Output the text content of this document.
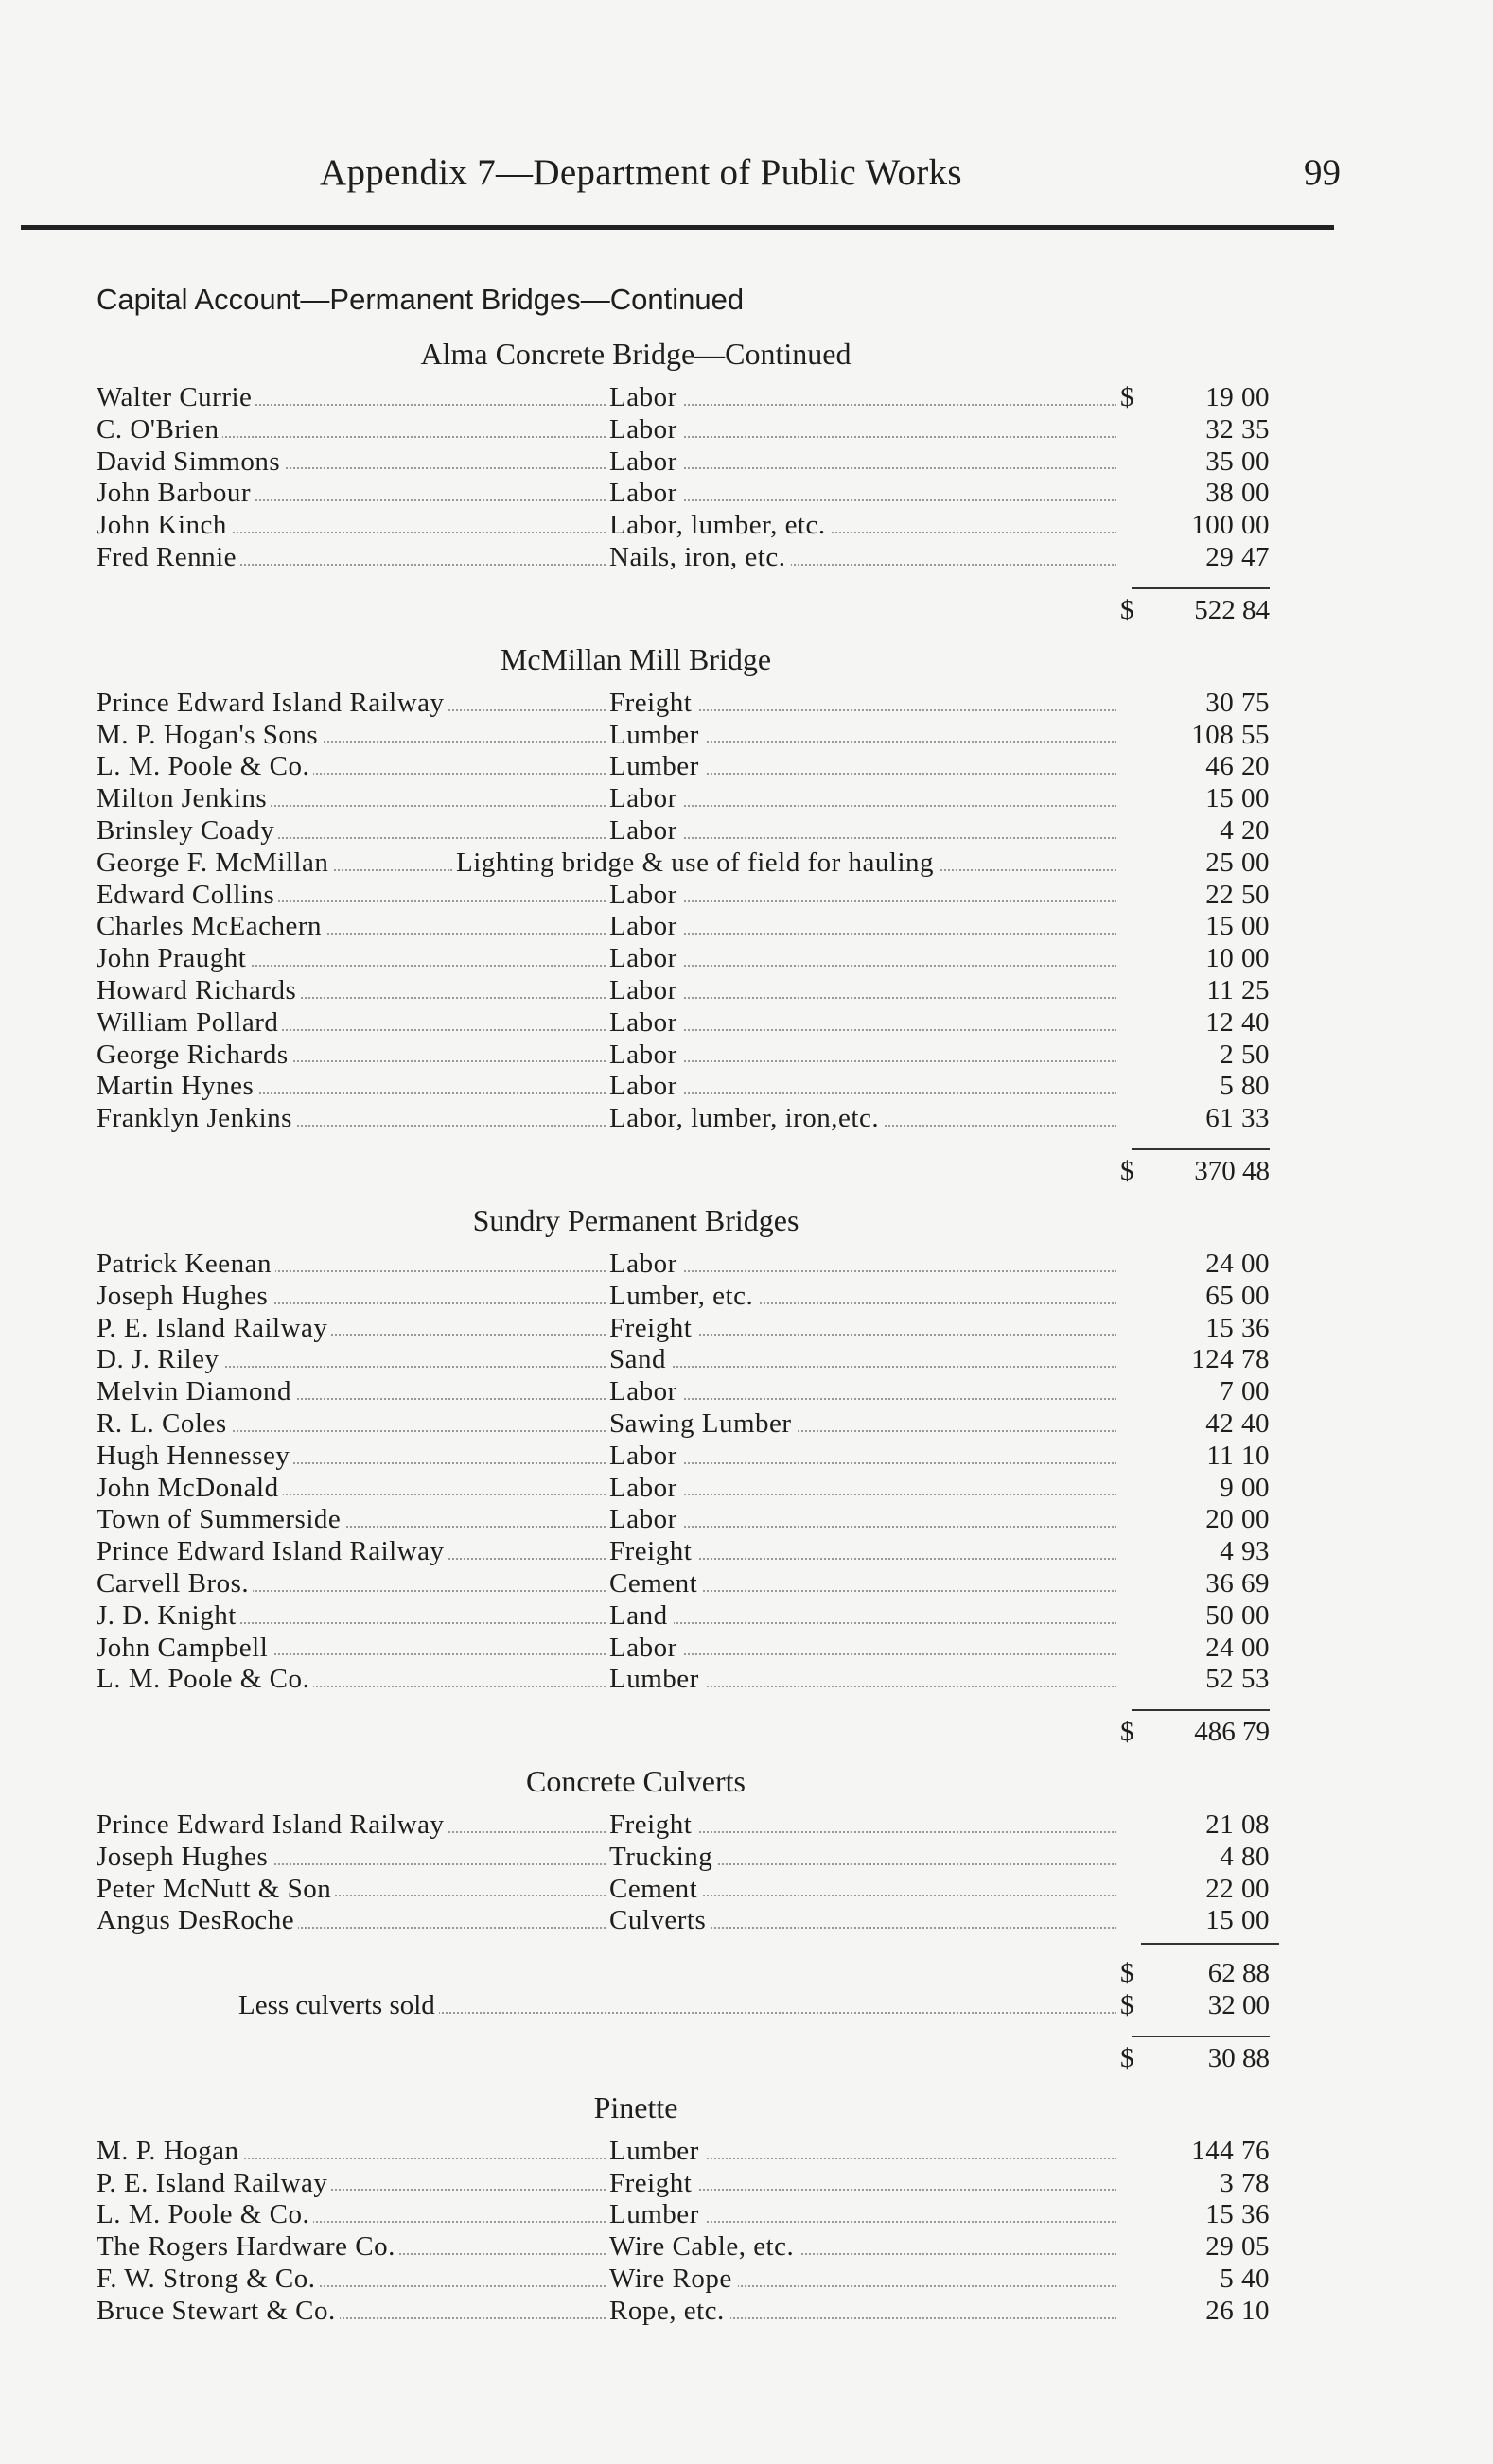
Appendix 7—Department of Public Works	99
Capital Account—Permanent Bridges—Continued
Alma Concrete Bridge—Continued
Walter Currie	Labor	$	19 00
C. O'Brien	Labor	32 35
David Simmons	Labor	35 00
John Barbour	Labor	38 00
John Kinch	Labor, lumber, etc.	100 00
Fred Rennie	Nails, iron, etc.	29 47
$	522 84
McMillan Mill Bridge
Prince Edward Island Railway	Freight	30 75
M. P. Hogan's Sons	Lumber	108 55
L. M. Poole & Co.	Lumber	46 20
Milton Jenkins	Labor	15 00
Brinsley Coady	Labor	4 20
George F. McMillan	Lighting bridge & use of field for hauling	25 00
Edward Collins	Labor	22 50
Charles McEachern	Labor	15 00
John Praught	Labor	10 00
Howard Richards	Labor	11 25
William Pollard	Labor	12 40
George Richards	Labor	2 50
Martin Hynes	Labor	5 80
Franklyn Jenkins	Labor, lumber, iron,etc.	61 33
$	370 48
Sundry Permanent Bridges
Patrick Keenan	Labor	24 00
Joseph Hughes	Lumber, etc.	65 00
P. E. Island Railway	Freight	15 36
D. J. Riley	Sand	124 78
Melvin Diamond	Labor	7 00
R. L. Coles	Sawing Lumber	42 40
Hugh Hennessey	Labor	11 10
John McDonald	Labor	9 00
Town of Summerside	Labor	20 00
Prince Edward Island Railway	Freight	4 93
Carvell Bros.	Cement	36 69
J. D. Knight	Land	50 00
John Campbell	Labor	24 00
L. M. Poole & Co.	Lumber	52 53
$	486 79
Concrete Culverts
Prince Edward Island Railway	Freight	21 08
Joseph Hughes	Trucking	4 80
Peter McNutt & Son	Cement	22 00
Angus DesRoche	Culverts	15 00
$	62 88
Less culverts sold	$	32 00
$	30 88
Pinette
M. P. Hogan	Lumber	144 76
P. E. Island Railway	Freight	3 78
L. M. Poole & Co.	Lumber	15 36
The Rogers Hardware Co.	Wire Cable, etc.	29 05
F. W. Strong & Co.	Wire Rope	5 40
Bruce Stewart & Co.	Rope, etc.	26 10
